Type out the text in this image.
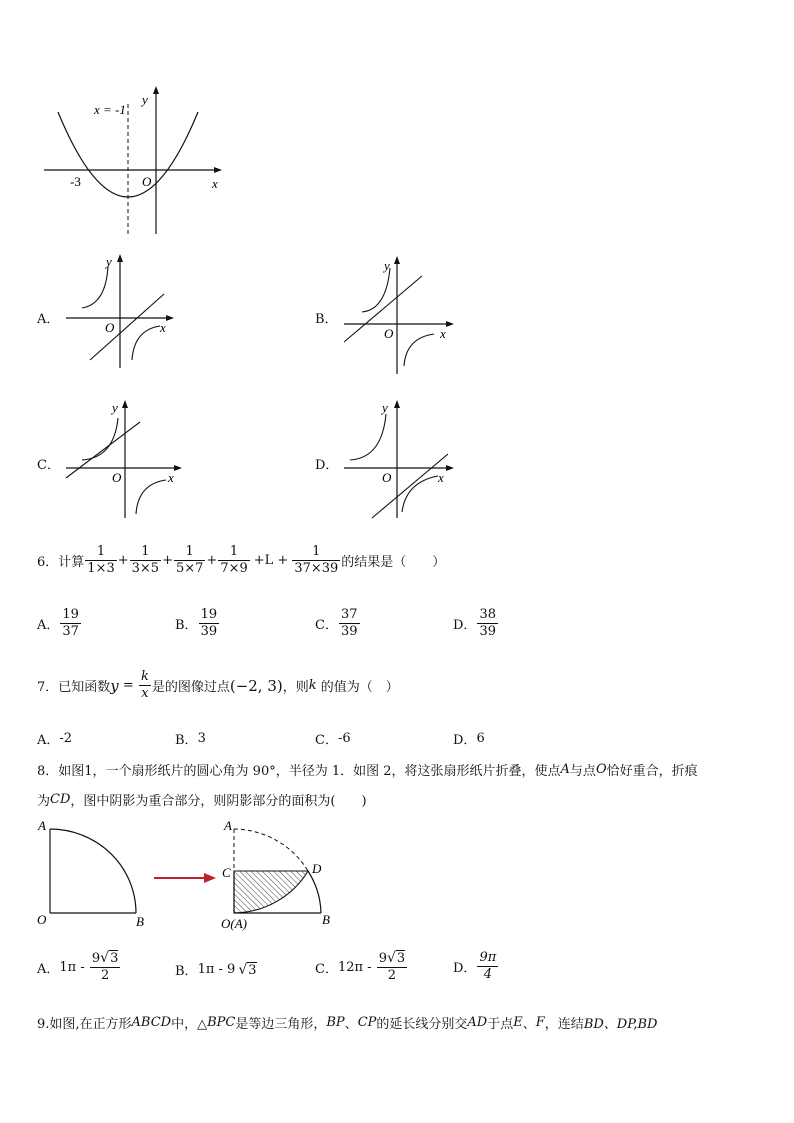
x = -1
y
x
O
-3
A．
y
x
O
B．
y
x
O
C．
y
x
O
D．
y
x
O
6．计算 $\frac{1}{1\times 3} + \frac{1}{3\times 5} + \frac{1}{5\times 7} + \frac{1}{7\times 9} +L + \frac{1}{37\times 39}$ 的结果是（　　）
A． $\frac{19}{37}$	B． $\frac{19}{39}$	C． $\frac{37}{39}$	D． $\frac{38}{39}$
7．已知函数 $y = \frac{k}{x}$ 是的图像过点 (−2, 3) ，则 k 的值为（　）
A． -2	B． 3	C． -6	D． 6
8．如图1，一个扇形纸片的圆心角为 90°，半径为 1．如图 2，将这张扇形纸片折叠，使点 A 与点 O 恰好重合，折痕
为 CD ，图中阴影为重合部分，则阴影部分的面积为(　　)
A
O	B
A
C	D
O(A)	B
A． $1\pi - \frac{9√3}{2}$	B． 1π - 9 √ 3	C． $12\pi - \frac{9√3}{2}$	D． $\frac{9\pi}{4}$
9.如图,在正方形 ABCD 中，△ BPC 是等边三角形， BP 、 CP 的延长线分别交 AD 于点 E 、 F ，连结 BD、DP,BD
